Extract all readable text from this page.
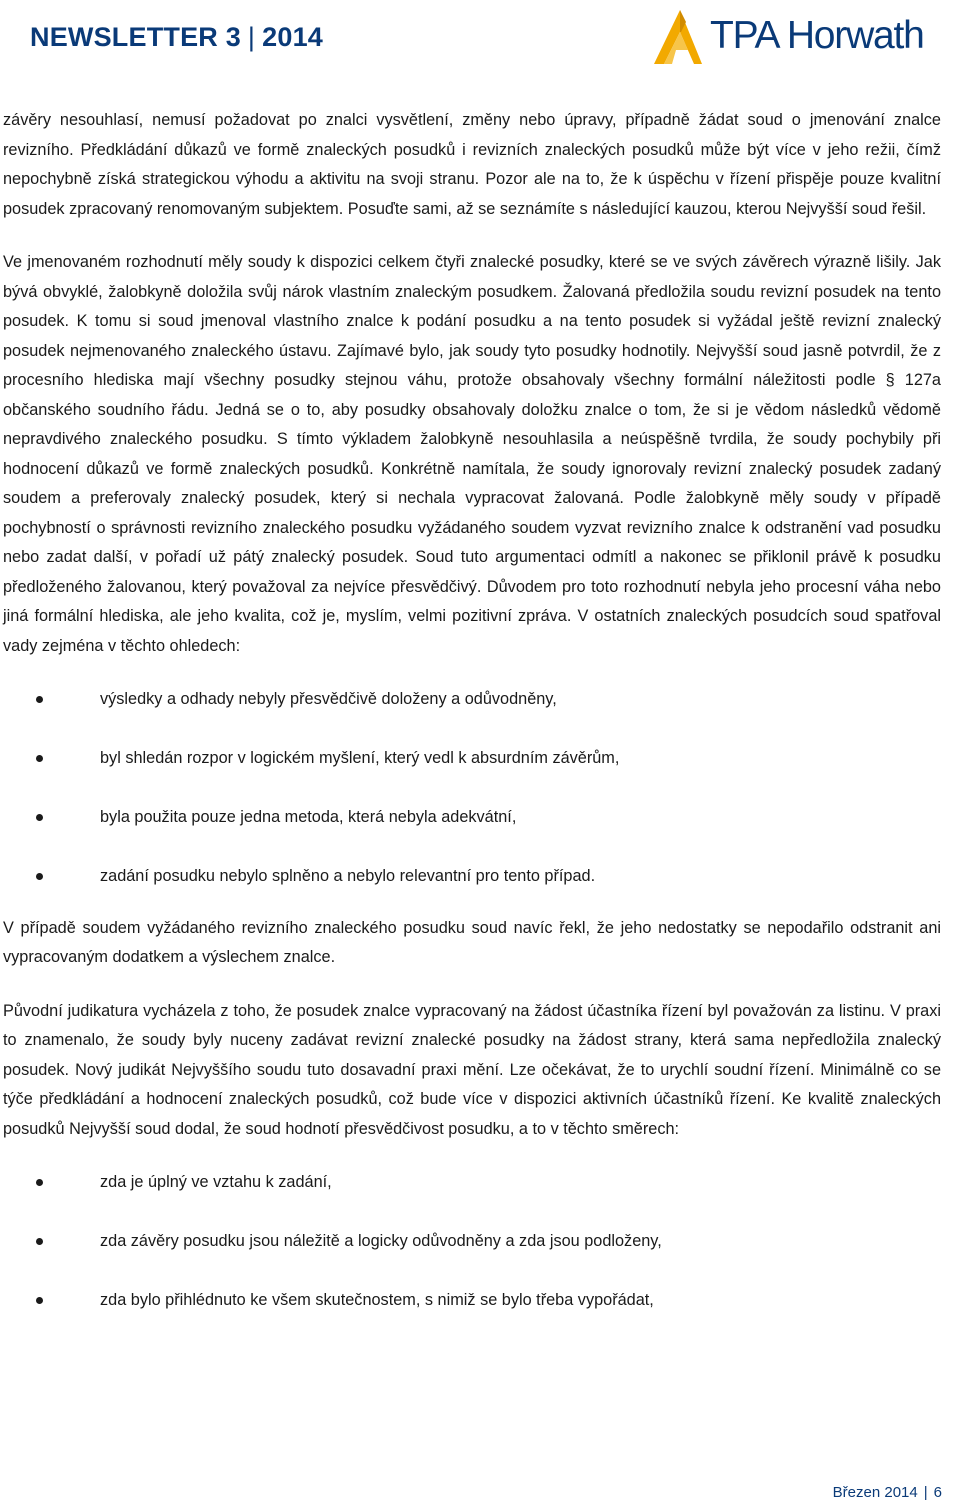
NEWSLETTER 3 | 2014	TPA Horwath

závěry nesouhlasí, nemusí požadovat po znalci vysvětlení, změny nebo úpravy, případně žádat soud o jmenování znalce revizního. Předkládání důkazů ve formě znaleckých posudků i revizních znaleckých posudků může být více v jeho režii, čímž nepochybně získá strategickou výhodu a aktivitu na svoji stranu. Pozor ale na to, že k úspěchu v řízení přispěje pouze kvalitní posudek zpracovaný renomovaným subjektem. Posuďte sami, až se seznámíte s následující kauzou, kterou Nejvyšší soud řešil.

Ve jmenovaném rozhodnutí měly soudy k dispozici celkem čtyři znalecké posudky, které se ve svých závěrech výrazně lišily. Jak bývá obvyklé, žalobkyně doložila svůj nárok vlastním znaleckým posudkem. Žalovaná předložila soudu revizní posudek na tento posudek. K tomu si soud jmenoval vlastního znalce k podání posudku a na tento posudek si vyžádal ještě revizní znalecký posudek nejmenovaného znaleckého ústavu. Zajímavé bylo, jak soudy tyto posudky hodnotily. Nejvyšší soud jasně potvrdil, že z procesního hlediska mají všechny posudky stejnou váhu, protože obsahovaly všechny formální náležitosti podle § 127a občanského soudního řádu. Jedná se o to, aby posudky obsahovaly doložku znalce o tom, že si je vědom následků vědomě nepravdivého znaleckého posudku. S tímto výkladem žalobkyně nesouhlasila a neúspěšně tvrdila, že soudy pochybily při hodnocení důkazů ve formě znaleckých posudků. Konkrétně namítala, že soudy ignorovaly revizní znalecký posudek zadaný soudem a preferovaly znalecký posudek, který si nechala vypracovat žalovaná. Podle žalobkyně měly soudy v případě pochybností o správnosti revizního znaleckého posudku vyžádaného soudem vyzvat revizního znalce k odstranění vad posudku nebo zadat další, v pořadí už pátý znalecký posudek. Soud tuto argumentaci odmítl a nakonec se přiklonil právě k posudku předloženého žalovanou, který považoval za nejvíce přesvědčivý. Důvodem pro toto rozhodnutí nebyla jeho procesní váha nebo jiná formální hlediska, ale jeho kvalita, což je, myslím, velmi pozitivní zpráva. V ostatních znaleckých posudcích soud spatřoval vady zejména v těchto ohledech:

výsledky a odhady nebyly přesvědčivě doloženy a odůvodněny,
byl shledán rozpor v logickém myšlení, který vedl k absurdním závěrům,
byla použita pouze jedna metoda, která nebyla adekvátní,
zadání posudku nebylo splněno a nebylo relevantní pro tento případ.

V případě soudem vyžádaného revizního znaleckého posudku soud navíc řekl, že jeho nedostatky se nepodařilo odstranit ani vypracovaným dodatkem a výslechem znalce.

Původní judikatura vycházela z toho, že posudek znalce vypracovaný na žádost účastníka řízení byl považován za listinu. V praxi to znamenalo, že soudy byly nuceny zadávat revizní znalecké posudky na žádost strany, která sama nepředložila znalecký posudek. Nový judikát Nejvyššího soudu tuto dosavadní praxi mění. Lze očekávat, že to urychlí soudní řízení. Minimálně co se týče předkládání a hodnocení znaleckých posudků, což bude více v dispozici aktivních účastníků řízení. Ke kvalitě znaleckých posudků Nejvyšší soud dodal, že soud hodnotí přesvědčivost posudku, a to v těchto směrech:

zda je úplný ve vztahu k zadání,
zda závěry posudku jsou náležitě a logicky odůvodněny a zda jsou podloženy,
zda bylo přihlédnuto ke všem skutečnostem, s nimiž se bylo třeba vypořádat,
Březen 2014 | 6
